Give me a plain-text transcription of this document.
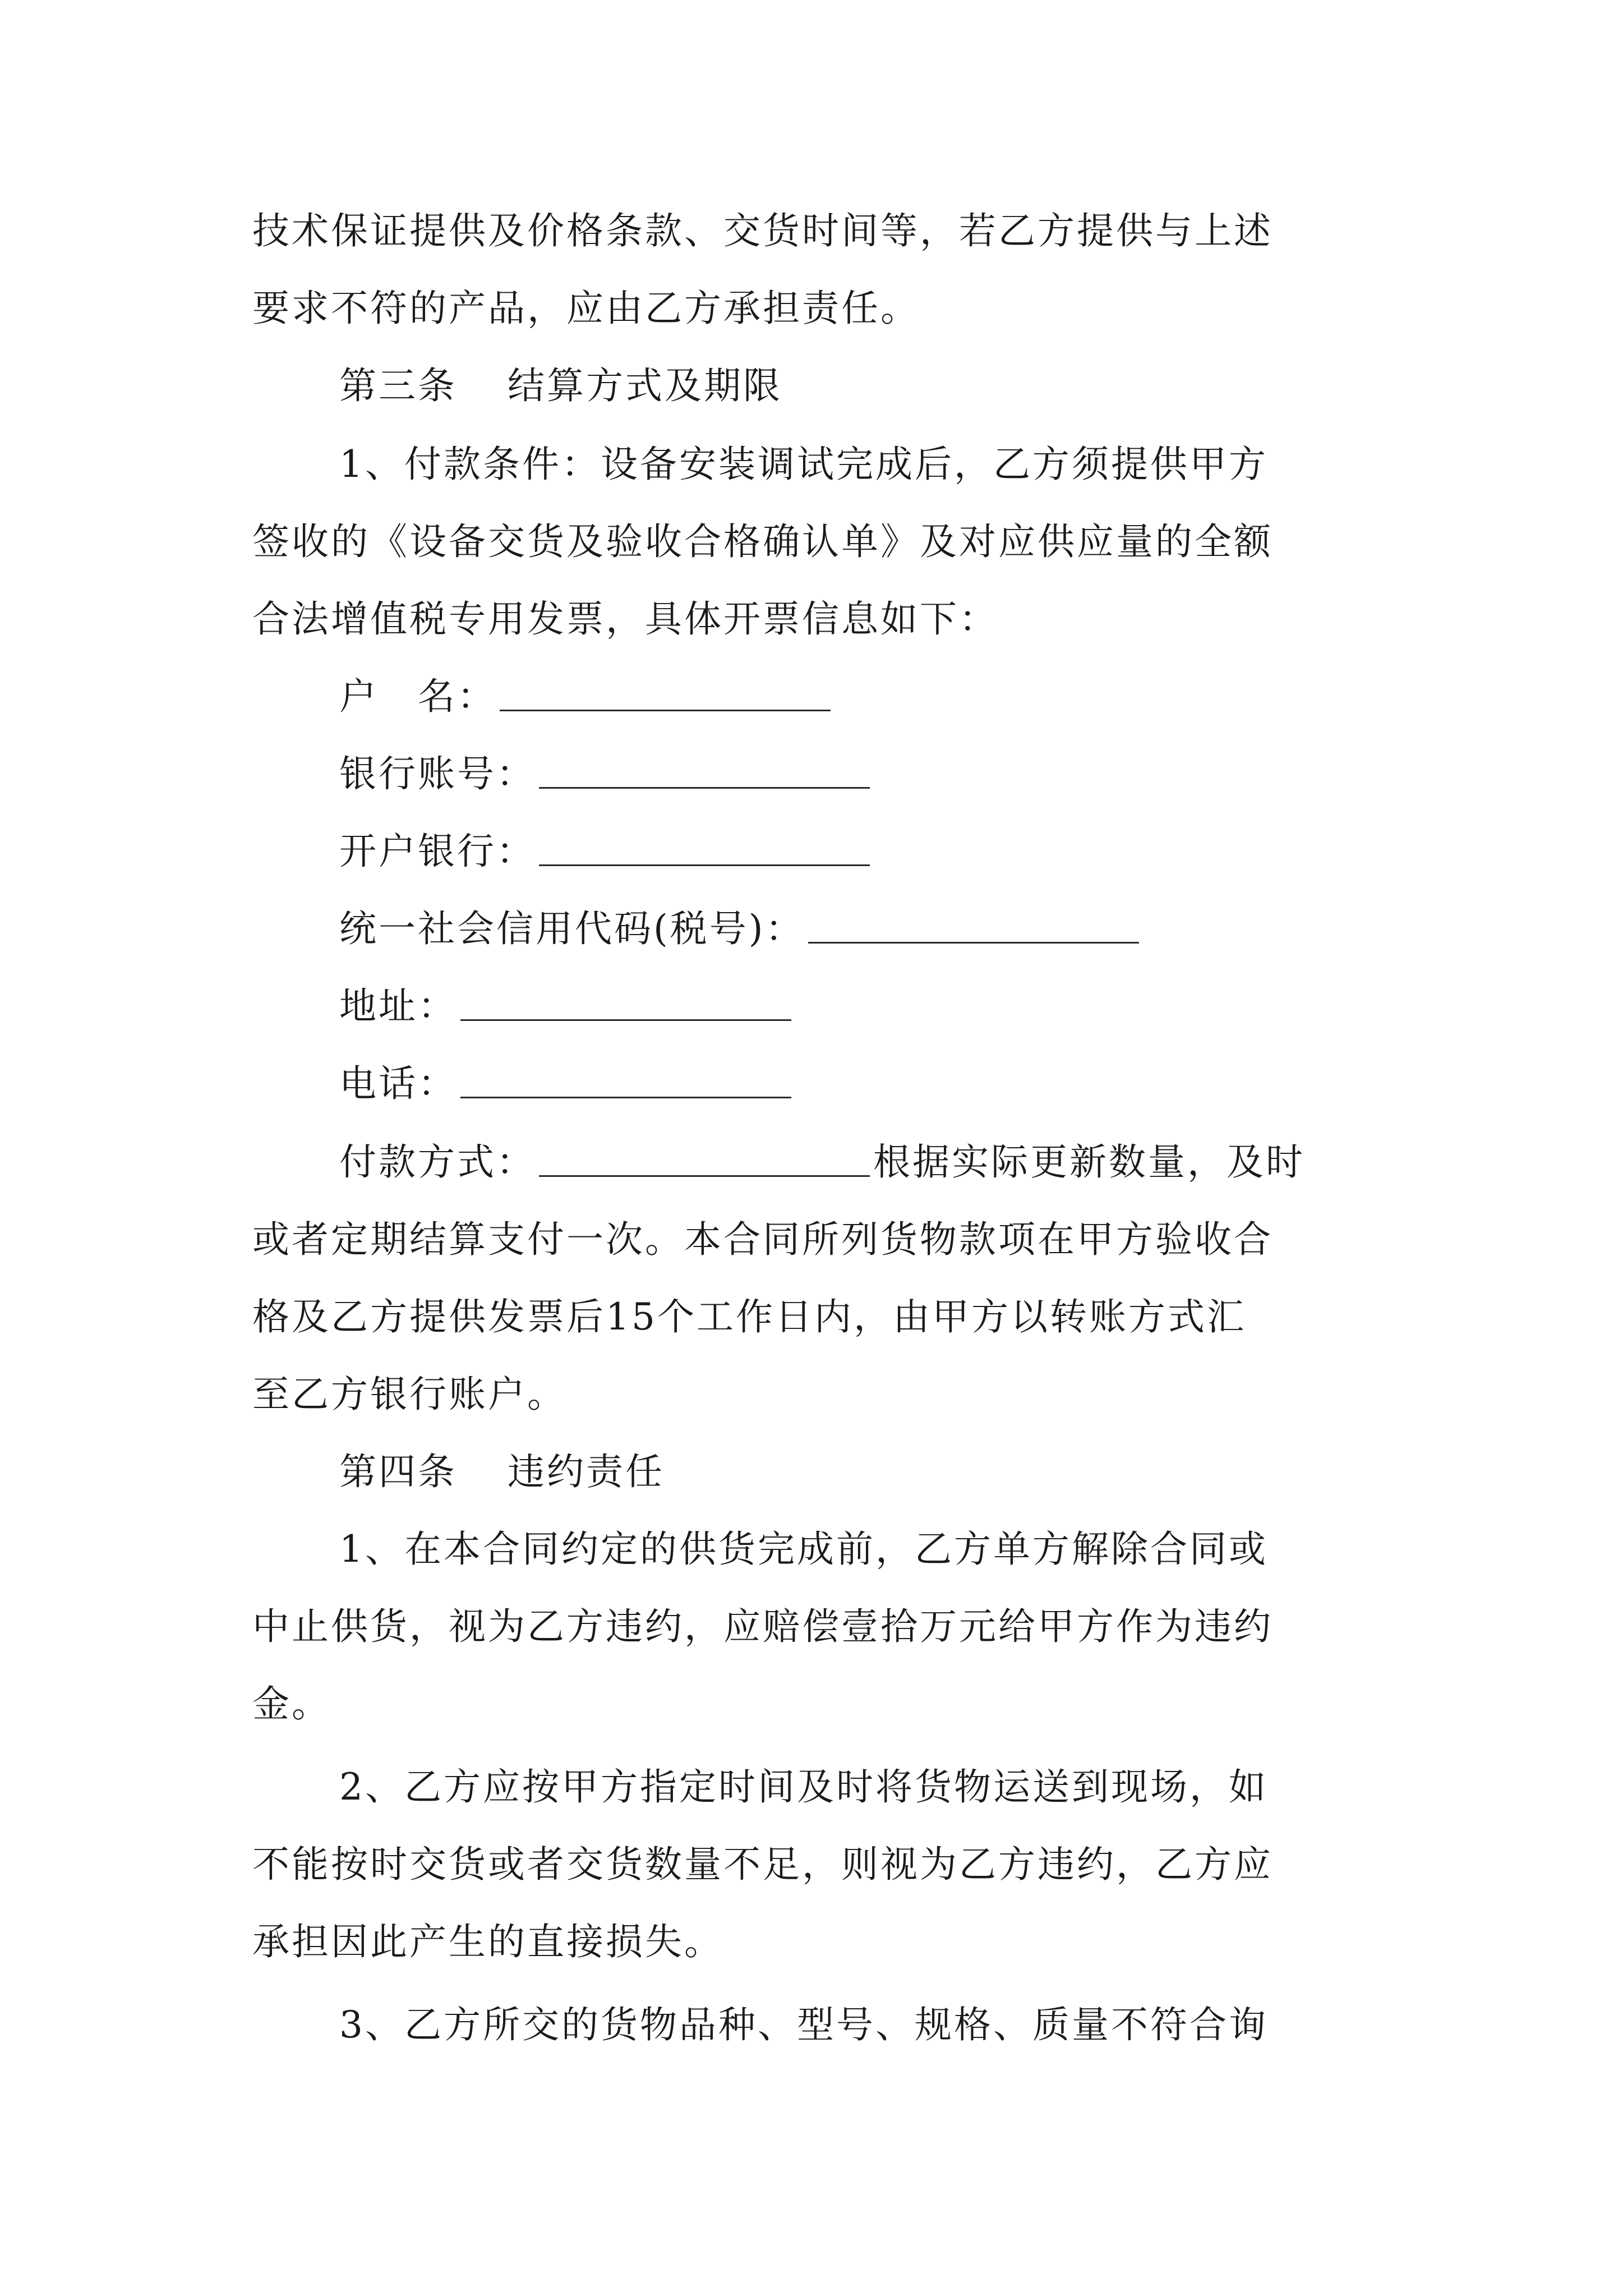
技术保证提供及价格条款、交货时间等，若乙方提供与上述
要求不符的产品，应由乙方承担责任。
第三条 结算方式及期限
1、付款条件：设备安装调试完成后，乙方须提供甲方
签收的《设备交货及验收合格确认单》及对应供应量的全额
合法增值税专用发票，具体开票信息如下：
户　名：
银行账号：
开户银行：
统一社会信用代码(税号)：
地址：
电话：
付款方式：	根据实际更新数量，及时
或者定期结算支付一次。本合同所列货物款项在甲方验收合
格及乙方提供发票后15个工作日内，由甲方以转账方式汇
至乙方银行账户。
第四条 违约责任
1、在本合同约定的供货完成前，乙方单方解除合同或
中止供货，视为乙方违约，应赔偿壹拾万元给甲方作为违约
金。
2、乙方应按甲方指定时间及时将货物运送到现场，如
不能按时交货或者交货数量不足，则视为乙方违约，乙方应
承担因此产生的直接损失。
3、乙方所交的货物品种、型号、规格、质量不符合询
